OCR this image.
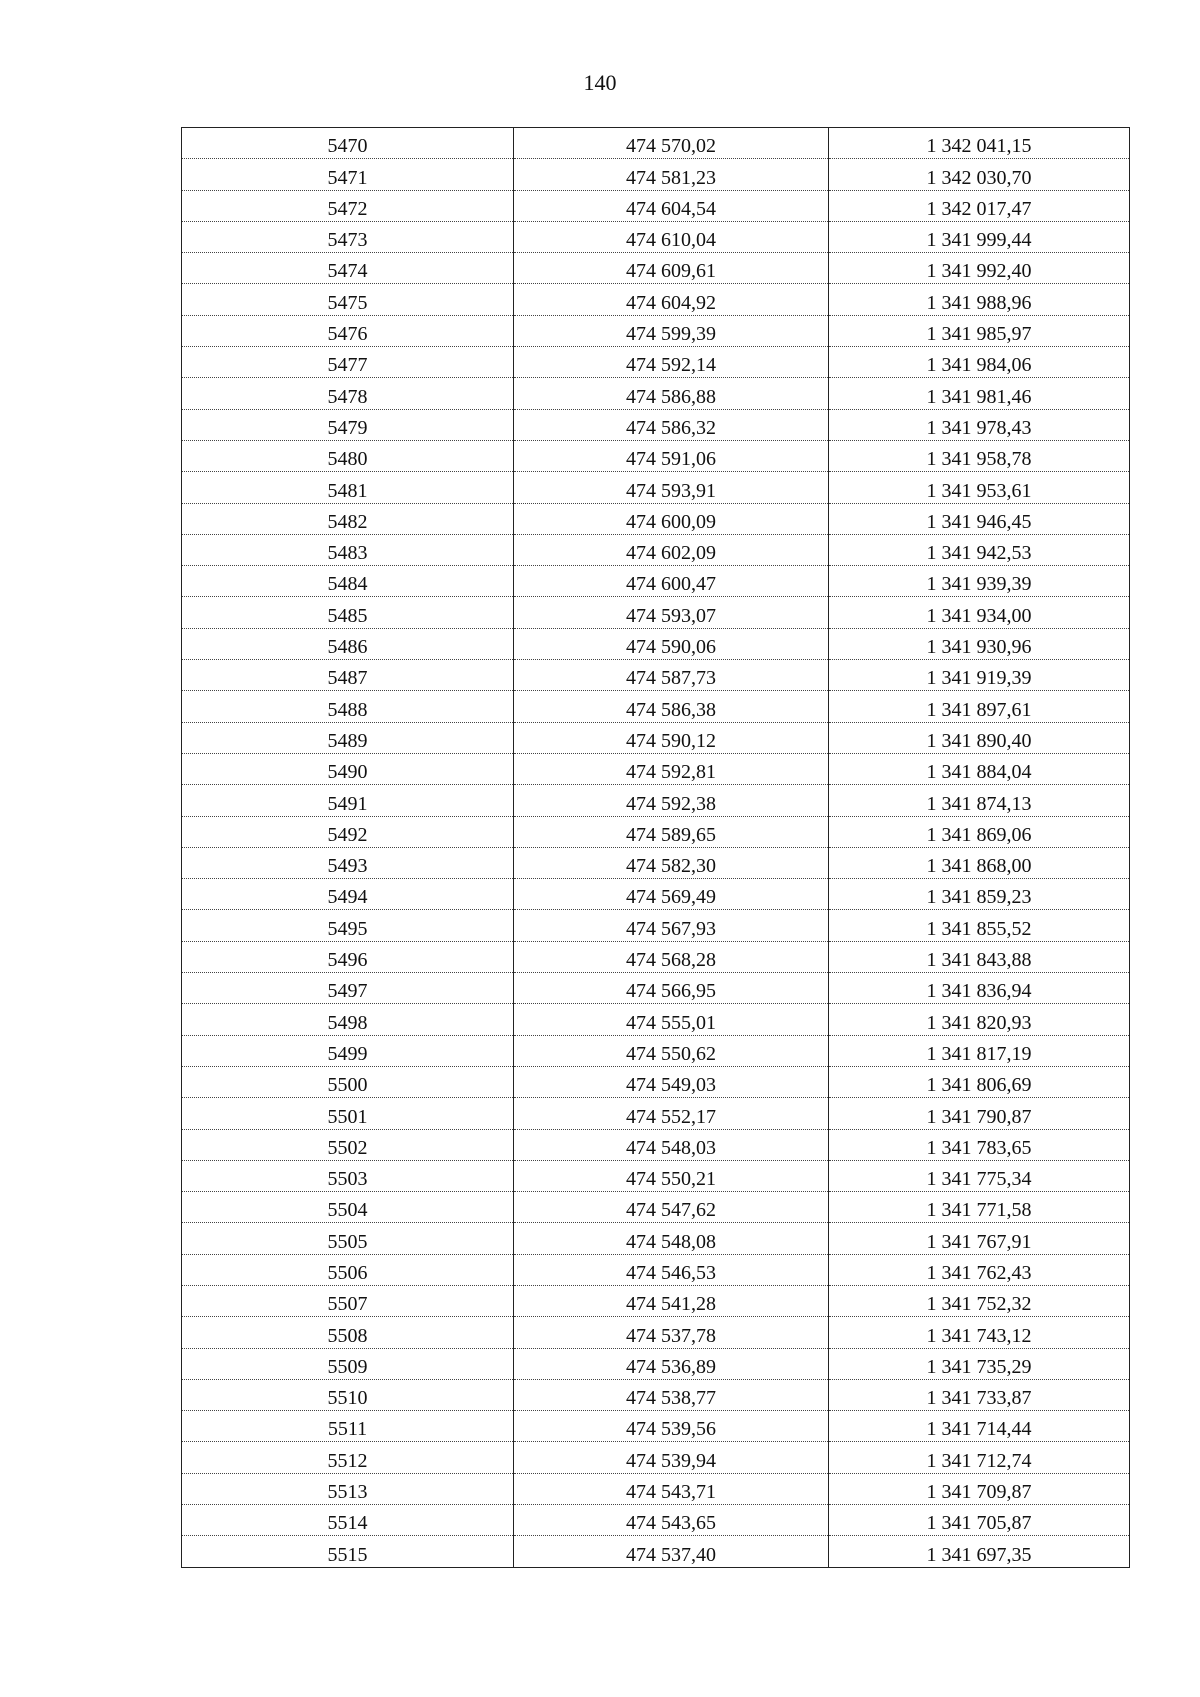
140
5470	474 570,02	1 342 041,15
5471	474 581,23	1 342 030,70
5472	474 604,54	1 342 017,47
5473	474 610,04	1 341 999,44
5474	474 609,61	1 341 992,40
5475	474 604,92	1 341 988,96
5476	474 599,39	1 341 985,97
5477	474 592,14	1 341 984,06
5478	474 586,88	1 341 981,46
5479	474 586,32	1 341 978,43
5480	474 591,06	1 341 958,78
5481	474 593,91	1 341 953,61
5482	474 600,09	1 341 946,45
5483	474 602,09	1 341 942,53
5484	474 600,47	1 341 939,39
5485	474 593,07	1 341 934,00
5486	474 590,06	1 341 930,96
5487	474 587,73	1 341 919,39
5488	474 586,38	1 341 897,61
5489	474 590,12	1 341 890,40
5490	474 592,81	1 341 884,04
5491	474 592,38	1 341 874,13
5492	474 589,65	1 341 869,06
5493	474 582,30	1 341 868,00
5494	474 569,49	1 341 859,23
5495	474 567,93	1 341 855,52
5496	474 568,28	1 341 843,88
5497	474 566,95	1 341 836,94
5498	474 555,01	1 341 820,93
5499	474 550,62	1 341 817,19
5500	474 549,03	1 341 806,69
5501	474 552,17	1 341 790,87
5502	474 548,03	1 341 783,65
5503	474 550,21	1 341 775,34
5504	474 547,62	1 341 771,58
5505	474 548,08	1 341 767,91
5506	474 546,53	1 341 762,43
5507	474 541,28	1 341 752,32
5508	474 537,78	1 341 743,12
5509	474 536,89	1 341 735,29
5510	474 538,77	1 341 733,87
5511	474 539,56	1 341 714,44
5512	474 539,94	1 341 712,74
5513	474 543,71	1 341 709,87
5514	474 543,65	1 341 705,87
5515	474 537,40	1 341 697,35
